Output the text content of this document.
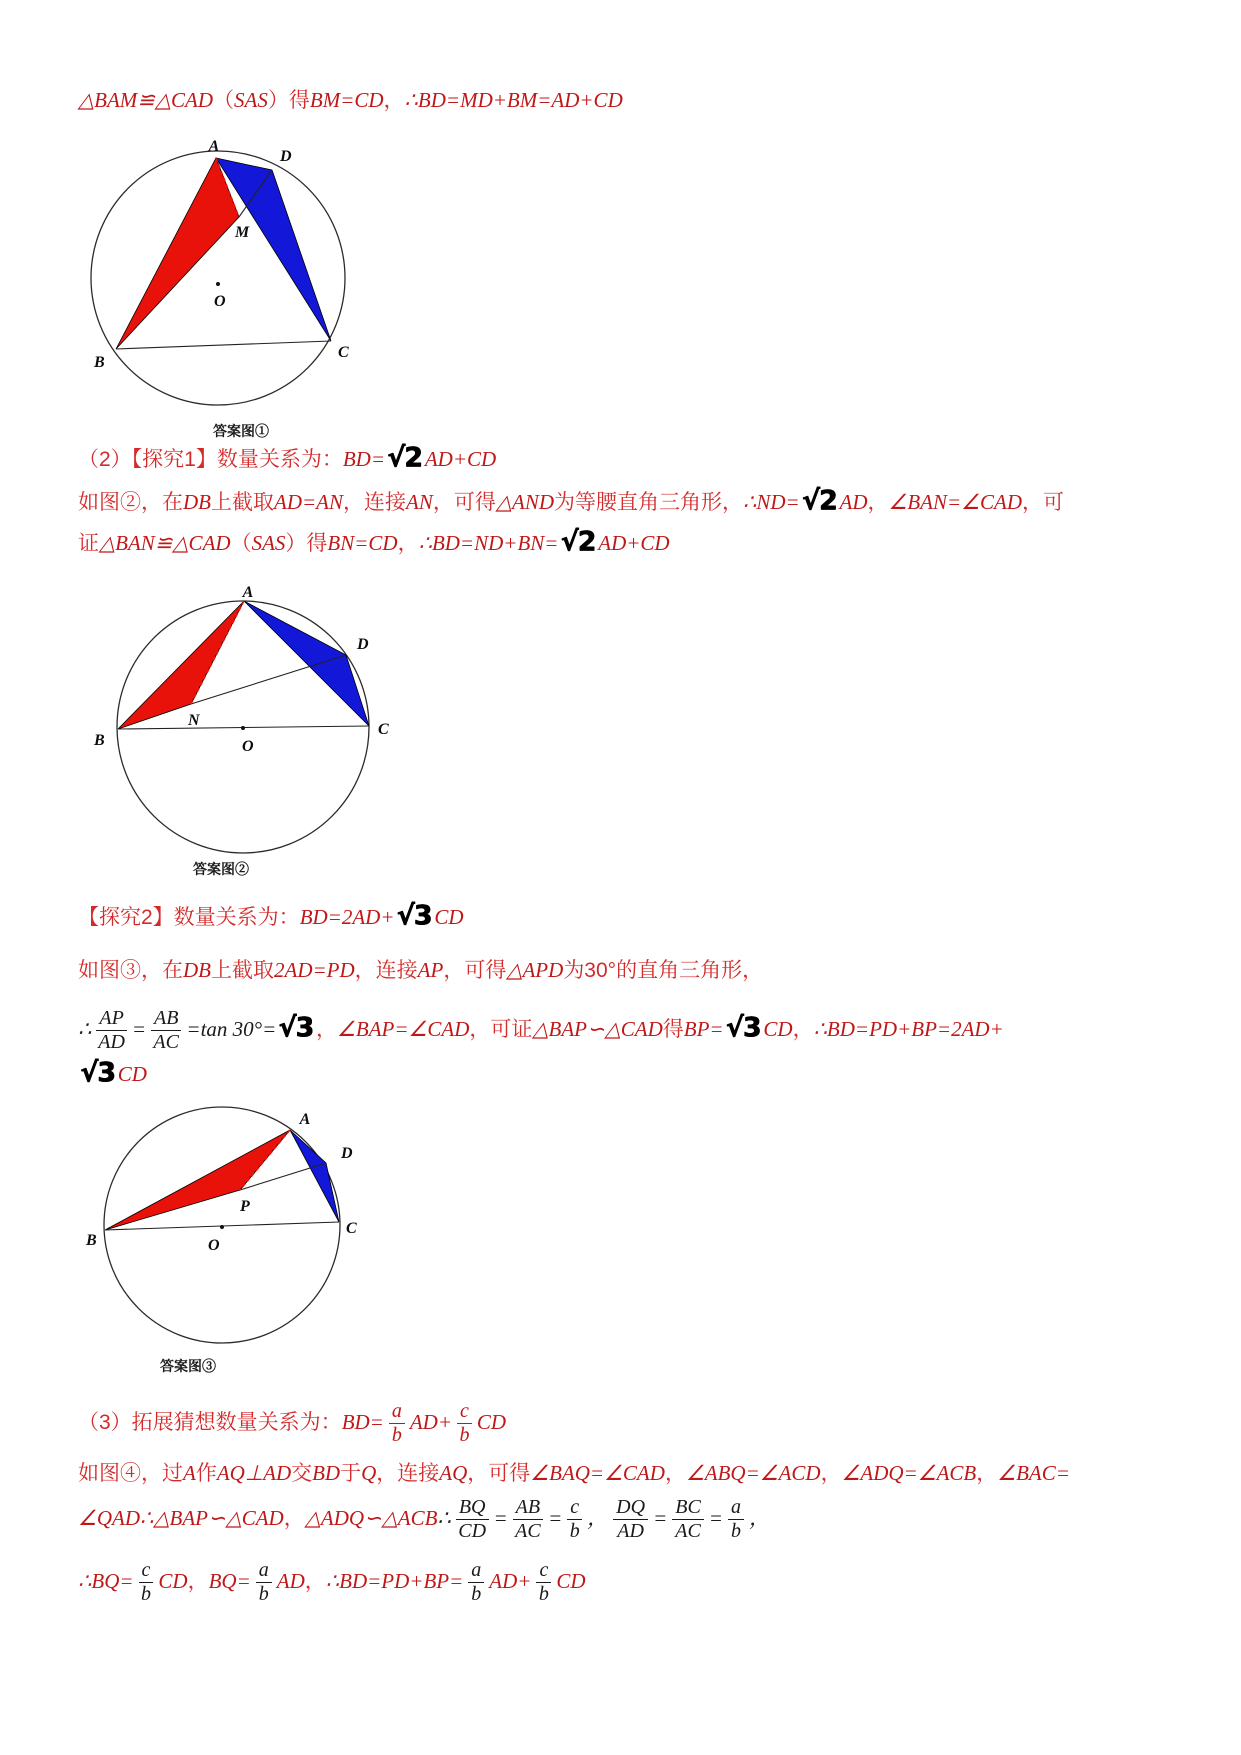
△BAM≌△CAD（SAS）得BM=CD，∴BD=MD+BM=AD+CD
A
D
M
O
B
C
答案图①
（2）【探究1】数量关系为：BD=√2 AD+CD
如图②，在DB上截取AD=AN，连接AN，可得△AND为等腰直角三角形，∴ND=√2 AD，∠BAN=∠CAD，可
证△BAN≌△CAD（SAS）得BN=CD，∴BD=ND+BN=√2 AD+CD
A
D
N
O
B
C
答案图②
【探究2】数量关系为：BD=2AD+√3 CD
如图③，在DB上截取2AD=PD，连接AP，可得△APD为30°的直角三角形，
∴ $\frac{AP}{AD} = \frac{AB}{AC} =\tan$ 30°=√3 ，∠BAP=∠CAD，可证△BAP∽△CAD得BP=√3 CD，∴BD=PD+BP=2AD+
√3 CD
A
D
P
O
B
C
答案图③
（3）拓展猜想数量关系为：$BD= \frac{a}{b} AD+ \frac{c}{b}$ CD
如图④，过A作AQ⊥AD交BD于Q，连接AQ，可得∠BAQ=∠CAD，∠ABQ=∠ACD，∠ADQ=∠ACB，∠BAC=
∠QAD∴△BAP∽△CAD，△ADQ∽△ACB∴ $\frac{BQ}{CD} = \frac{AB}{AC} = \frac{c}{b}$ ， $\frac{DQ}{AD} = \frac{BC}{AC} = \frac{a}{b}$ ，
∴BQ= $\frac{c}{b}$ CD，$BQ= \frac{a}{b}$ AD，∴BD=PD+BP= $\frac{a}{b} AD+ \frac{c}{b}$ CD
